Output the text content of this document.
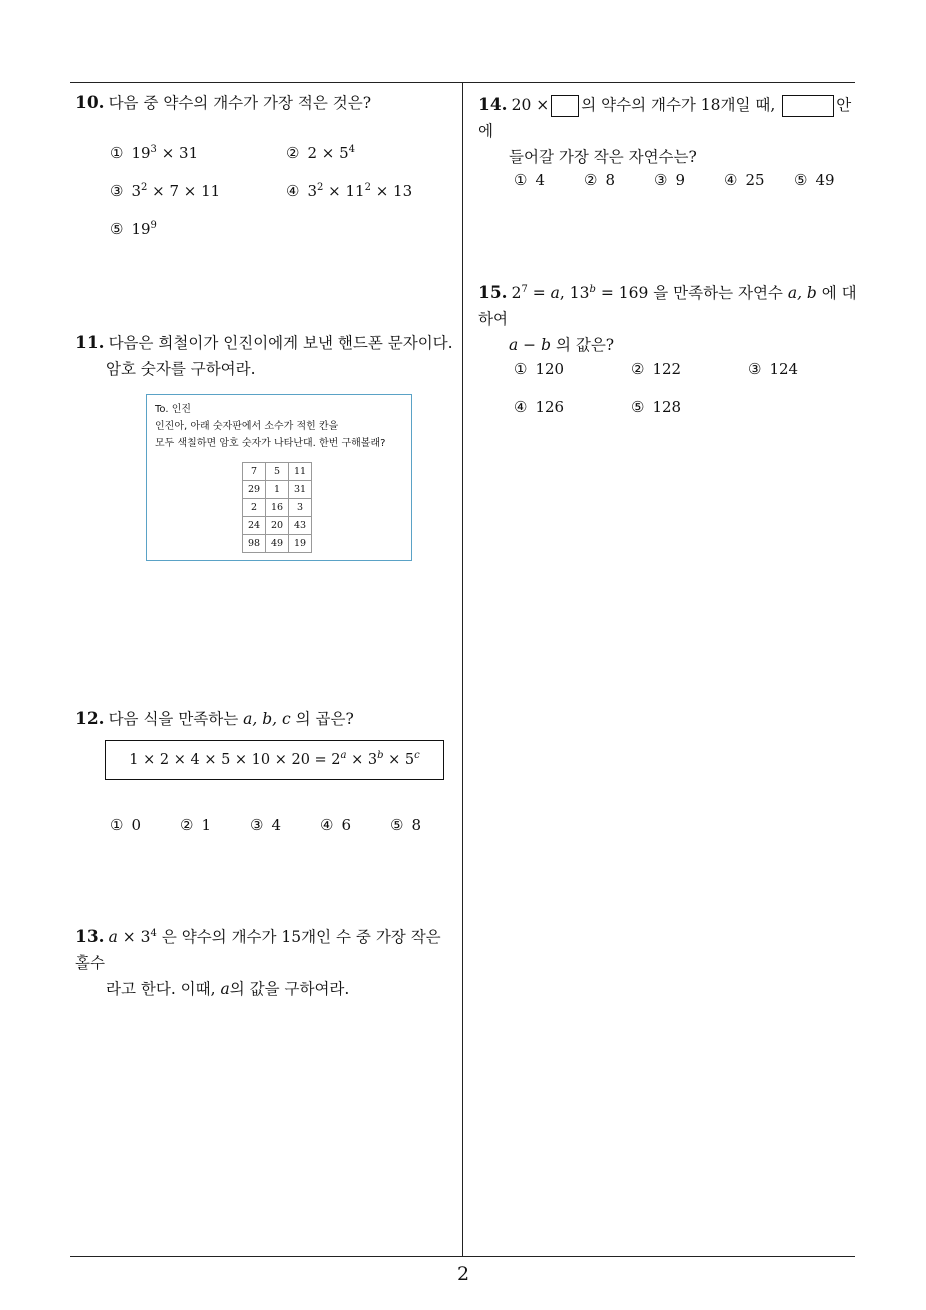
10. 다음 중 약수의 개수가 가장 적은 것은?
① $19^3 \times 31$	② $2 \times 5^4$
③ $3^2 \times 7 \times 11$	④ $3^2 \times 11^2 \times 13$
⑤ $19^9$
11. 다음은 희철이가 인진이에게 보낸 핸드폰 문자이다.
암호 숫자를 구하여라.
To. 인진
인진아, 아래 숫자판에서 소수가 적힌 칸을
모두 색칠하면 암호 숫자가 나타난대. 한번 구해볼래?
7	5	11
29	1	31
2	16	3
24	20	43
98	49	19
12. 다음 식을 만족하는 a, b, c 의 곱은?
$1 \times 2 \times 4 \times 5 \times 10 \times 20 = 2^a \times 3^b \times 5^c$
① 0	② 1	③ 4	④ 6	⑤ 8
13. $a \times 3^4$ 은 약수의 개수가 15개인 수 중 가장 작은 홀수
라고 한다. 이때, a의 값을 구하여라.
14. 20 × 의 약수의 개수가 18개일 때,	안에
들어갈 가장 작은 자연수는?
① 4	② 8	③ 9	④ 25 ⑤ 49
15. $2^7 = a$, $13^b = 169$ 을 만족하는 자연수 a, b 에 대하여
a − b 의 값은?
① 120	② 122	③ 124
④ 126	⑤ 128
2
